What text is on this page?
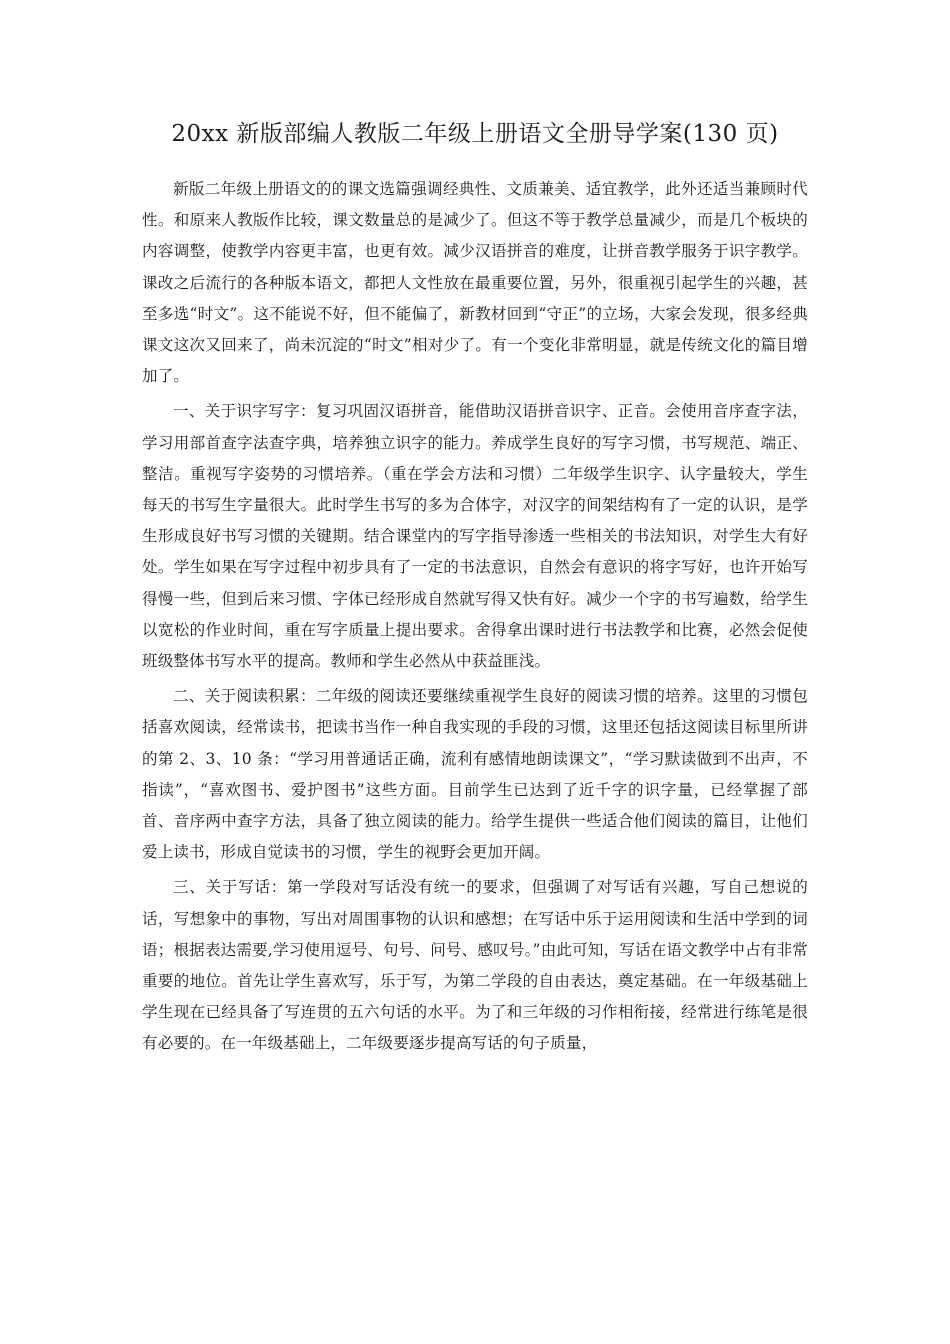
20xx 新版部编人教版二年级上册语文全册导学案(130 页)

新版二年级上册语文的的课文选篇强调经典性、文质兼美、适宜教学，此外还适当兼顾时代性。和原来人教版作比较，课文数量总的是减少了。但这不等于教学总量减少，而是几个板块的内容调整，使教学内容更丰富，也更有效。减少汉语拼音的难度，让拼音教学服务于识字教学。课改之后流行的各种版本语文，都把人文性放在最重要位置，另外，很重视引起学生的兴趣，甚至多选“时文”。这不能说不好，但不能偏了，新教材回到“守正”的立场，大家会发现，很多经典课文这次又回来了，尚未沉淀的“时文”相对少了。有一个变化非常明显，就是传统文化的篇目增加了。

一、关于识字写字：复习巩固汉语拼音，能借助汉语拼音识字、正音。会使用音序查字法，学习用部首查字法查字典，培养独立识字的能力。养成学生良好的写字习惯，书写规范、端正、整洁。重视写字姿势的习惯培养。（重在学会方法和习惯）二年级学生识字、认字量较大，学生每天的书写生字量很大。此时学生书写的多为合体字，对汉字的间架结构有了一定的认识，是学生形成良好书写习惯的关键期。结合课堂内的写字指导渗透一些相关的书法知识，对学生大有好处。学生如果在写字过程中初步具有了一定的书法意识，自然会有意识的将字写好，也许开始写得慢一些，但到后来习惯、字体已经形成自然就写得又快有好。减少一个字的书写遍数，给学生以宽松的作业时间，重在写字质量上提出要求。舍得拿出课时进行书法教学和比赛，必然会促使班级整体书写水平的提高。教师和学生必然从中获益匪浅。

二、关于阅读积累：二年级的阅读还要继续重视学生良好的阅读习惯的培养。这里的习惯包括喜欢阅读，经常读书，把读书当作一种自我实现的手段的习惯，这里还包括这阅读目标里所讲的第 2、3、10 条：“学习用普通话正确，流利有感情地朗读课文”，“学习默读做到不出声，不指读”，“喜欢图书、爱护图书”这些方面。目前学生已达到了近千字的识字量，已经掌握了部首、音序两中查字方法，具备了独立阅读的能力。给学生提供一些适合他们阅读的篇目，让他们爱上读书，形成自觉读书的习惯，学生的视野会更加开阔。

三、关于写话：第一学段对写话没有统一的要求，但强调了对写话有兴趣，写自己想说的话，写想象中的事物，写出对周围事物的认识和感想；在写话中乐于运用阅读和生活中学到的词语；根据表达需要,学习使用逗号、句号、问号、感叹号。”由此可知，写话在语文教学中占有非常重要的地位。首先让学生喜欢写，乐于写，为第二学段的自由表达，奠定基础。在一年级基础上学生现在已经具备了写连贯的五六句话的水平。为了和三年级的习作相衔接，经常进行练笔是很有必要的。在一年级基础上，二年级要逐步提高写话的句子质量，
